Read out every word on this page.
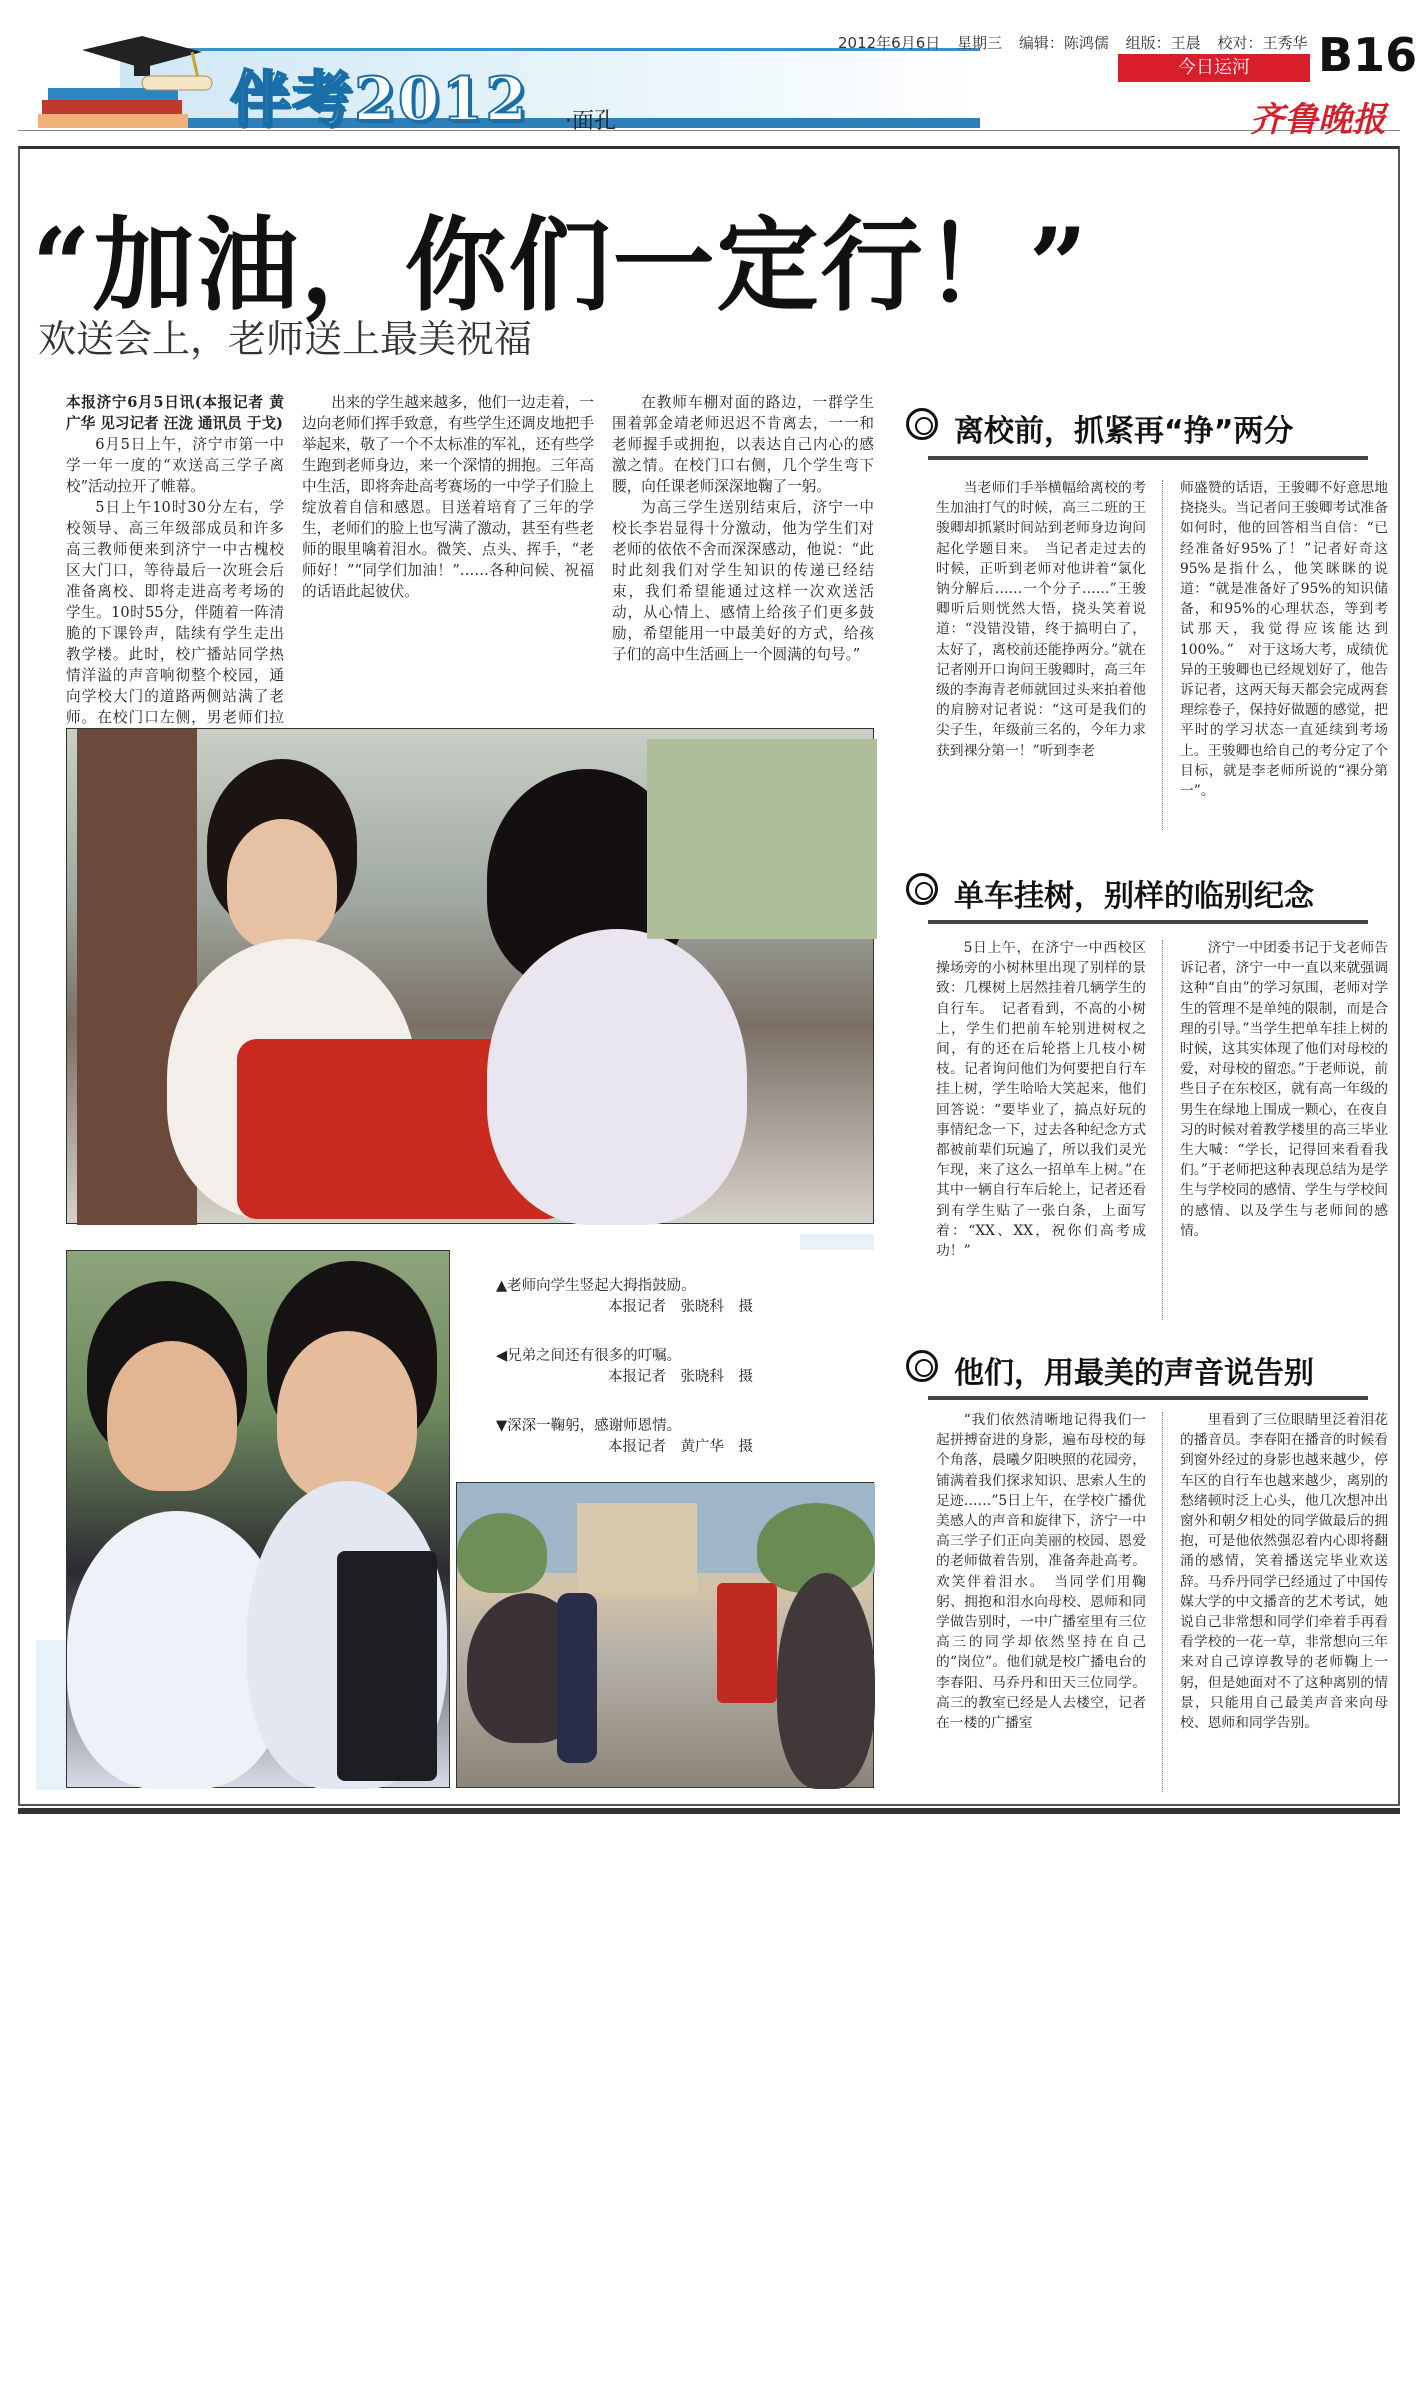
伴考2012 ·面孔
2012年6月6日 星期三 编辑：陈鸿儒 组版：王晨 校对：王秀华
今日运河	B16
齐鲁晚报
“加油，你们一定行！”
欢送会上，老师送上最美祝福

本报济宁6月5日讯(本报记者 黄广华 见习记者 汪泷 通讯员 于戈)

6月5日上午，济宁市第一中学一年一度的“欢送高三学子离校”活动拉开了帷幕。

5日上午10时30分左右，学校领导、高三年级部成员和许多高三教师便来到济宁一中古槐校区大门口，等待最后一次班会后准备离校、即将走进高考考场的学生。10时55分，伴随着一阵清脆的下课铃声，陆续有学生走出教学楼。此时，校广播站同学热情洋溢的声音响彻整个校园，通向学校大门的道路两侧站满了老师。在校门口左侧，男老师们拉

出来的学生越来越多，他们一边走着，一边向老师们挥手致意，有些学生还调皮地把手举起来，敬了一个不太标准的军礼，还有些学生跑到老师身边，来一个深情的拥抱。三年高中生活，即将奔赴高考赛场的一中学子们脸上绽放着自信和感恩。目送着培育了三年的学生，老师们的脸上也写满了激动，甚至有些老师的眼里噙着泪水。微笑、点头、挥手，“老师好！”“同学们加油！”……各种问候、祝福的话语此起彼伏。

在教师车棚对面的路边，一群学生围着郭金靖老师迟迟不肯离去，一一和老师握手或拥抱，以表达自己内心的感激之情。在校门口右侧，几个学生弯下腰，向任课老师深深地鞠了一躬。

为高三学生送别结束后，济宁一中校长李岩显得十分激动，他为学生们对老师的依依不舍而深深感动，他说：“此时此刻我们对学生知识的传递已经结束，我们希望能通过这样一次欢送活动，从心情上、感情上给孩子们更多鼓励，希望能用一中最美好的方式，给孩子们的高中生活画上一个圆满的句号。”

离校前，抓紧再“挣”两分

当老师们手举横幅给离校的考生加油打气的时候，高三二班的王骏卿却抓紧时间站到老师身边询问起化学题目来。　当记者走过去的时候，正听到老师对他讲着“氯化钠分解后……一个分子……”王骏卿听后则恍然大悟，挠头笑着说道：“没错没错，终于搞明白了，太好了，离校前还能挣两分。”就在记者刚开口询问王骏卿时，高三年级的李海青老师就回过头来拍着他的肩膀对记者说：“这可是我们的尖子生，年级前三名的，今年力求获到裸分第一！”听到李老

师盛赞的话语，王骏卿不好意思地挠挠头。当记者问王骏卿考试准备如何时，他的回答相当自信：“已经准备好95%了！”记者好奇这95%是指什么，他笑眯眯的说道：“就是准备好了95%的知识储备，和95%的心理状态，等到考试那天，我觉得应该能达到100%。”　对于这场大考，成绩优异的王骏卿也已经规划好了，他告诉记者，这两天每天都会完成两套理综卷子，保持好做题的感觉，把平时的学习状态一直延续到考场上。王骏卿也给自己的考分定了个目标，就是李老师所说的“裸分第一”。

单车挂树，别样的临别纪念

5日上午，在济宁一中西校区操场旁的小树林里出现了别样的景致：几棵树上居然挂着几辆学生的自行车。　记者看到，不高的小树上，学生们把前车轮别进树杈之间，有的还在后轮搭上几枝小树枝。记者询问他们为何要把自行车挂上树，学生哈哈大笑起来，他们回答说：“要毕业了，搞点好玩的事情纪念一下，过去各种纪念方式都被前辈们玩遍了，所以我们灵光乍现，来了这么一招单车上树。”在其中一辆自行车后轮上，记者还看到有学生贴了一张白条，上面写着：“XX、XX，祝你们高考成功！”

济宁一中团委书记于戈老师告诉记者，济宁一中一直以来就强调这种“自由”的学习氛围，老师对学生的管理不是单纯的限制，而是合理的引导。”当学生把单车挂上树的时候，这其实体现了他们对母校的爱，对母校的留恋。”于老师说，前些日子在东校区，就有高一年级的男生在绿地上围成一颗心，在夜自习的时候对着教学楼里的高三毕业生大喊：“学长，记得回来看看我们。”于老师把这种表现总结为是学生与学校同的感情、学生与学校间的感情、以及学生与老师间的感情。

他们，用最美的声音说告别

“我们依然清晰地记得我们一起拼搏奋进的身影，遍布母校的每个角落，晨曦夕阳映照的花园旁，铺满着我们探求知识、思索人生的足迹……”5日上午，在学校广播优美感人的声音和旋律下，济宁一中高三学子们正向美丽的校园、恩爱的老师做着告别，准备奔赴高考。欢笑伴着泪水。　当同学们用鞠躬、拥抱和泪水向母校、恩师和同学做告别时，一中广播室里有三位高三的同学却依然坚持在自己的“岗位”。他们就是校广播电台的李春阳、马乔丹和田天三位同学。高三的教室已经是人去楼空，记者在一楼的广播室

里看到了三位眼睛里泛着泪花的播音员。李春阳在播音的时候看到窗外经过的身影也越来越少，停车区的自行车也越来越少，离别的愁绪顿时泛上心头，他几次想冲出窗外和朝夕相处的同学做最后的拥抱，可是他依然强忍着内心即将翻涌的感情，笑着播送完毕业欢送辞。马乔丹同学已经通过了中国传媒大学的中文播音的艺术考试，她说自己非常想和同学们牵着手再看看学校的一花一草，非常想向三年来对自己谆谆教导的老师鞠上一躬，但是她面对不了这种离别的情景，只能用自己最美声音来向母校、恩师和同学告别。

▲老师向学生竖起大拇指鼓励。
本报记者　张晓科　摄
◀兄弟之间还有很多的叮嘱。
本报记者　张晓科　摄
▼深深一鞠躬，感谢师恩情。
本报记者　黄广华　摄
